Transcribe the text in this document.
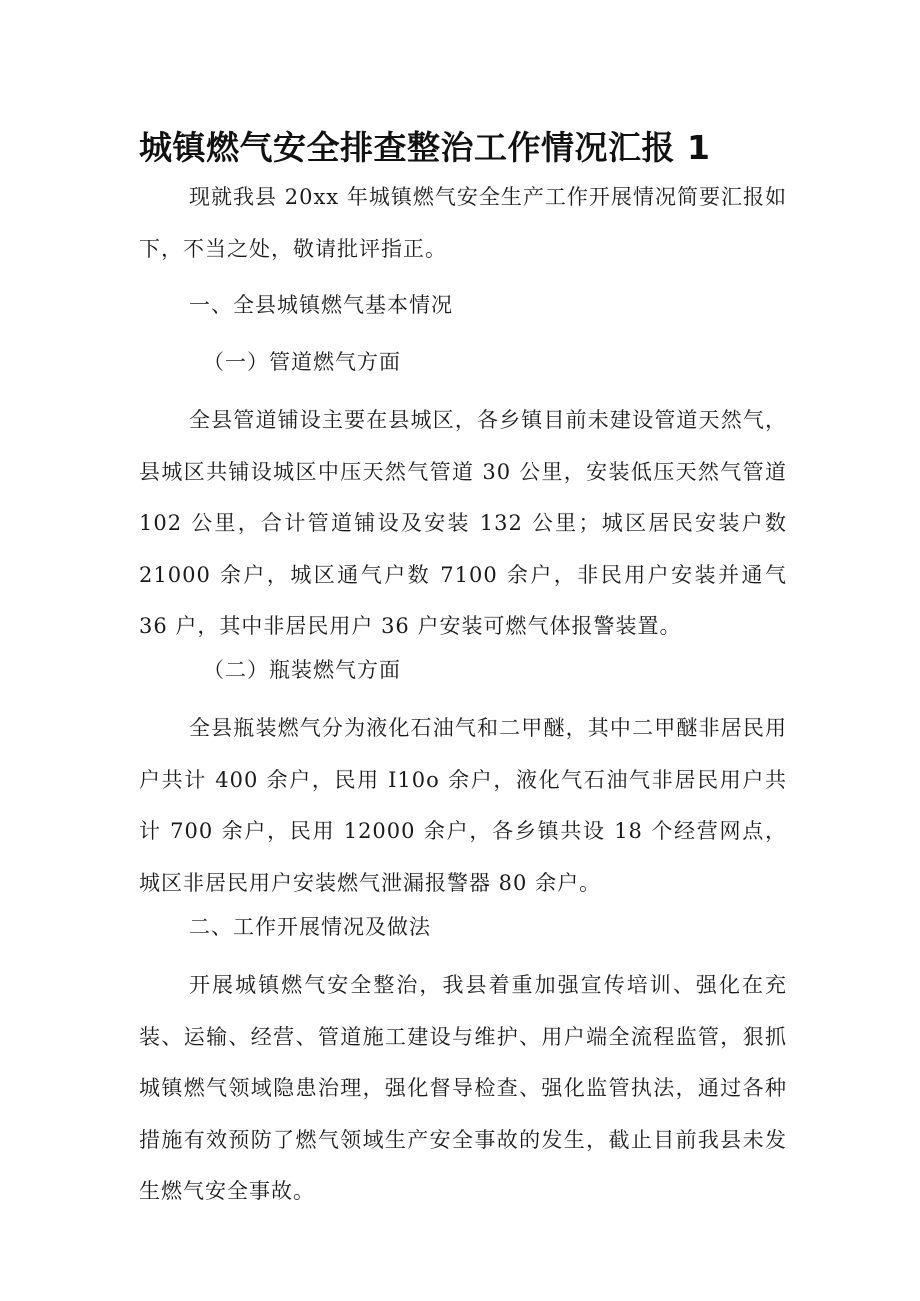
城镇燃气安全排查整治工作情况汇报 1

现就我县 20xx 年城镇燃气安全生产工作开展情况简要汇报如下，不当之处，敬请批评指正。

一、全县城镇燃气基本情况

（一）管道燃气方面

全县管道铺设主要在县城区，各乡镇目前未建设管道天然气，县城区共铺设城区中压天然气管道 30 公里，安装低压天然气管道 102 公里，合计管道铺设及安装 132 公里；城区居民安装户数 21000 余户，城区通气户数 7100 余户，非民用户安装并通气 36 户，其中非居民用户 36 户安装可燃气体报警装置。

（二）瓶装燃气方面

全县瓶装燃气分为液化石油气和二甲醚，其中二甲醚非居民用户共计 400 余户，民用 I10o 余户，液化气石油气非居民用户共计 700 余户，民用 12000 余户，各乡镇共设 18 个经营网点，城区非居民用户安装燃气泄漏报警器 80 余户。

二、工作开展情况及做法

开展城镇燃气安全整治，我县着重加强宣传培训、强化在充装、运输、经营、管道施工建设与维护、用户端全流程监管，狠抓城镇燃气领域隐患治理，强化督导检查、强化监管执法，通过各种措施有效预防了燃气领域生产安全事故的发生，截止目前我县未发生燃气安全事故。
